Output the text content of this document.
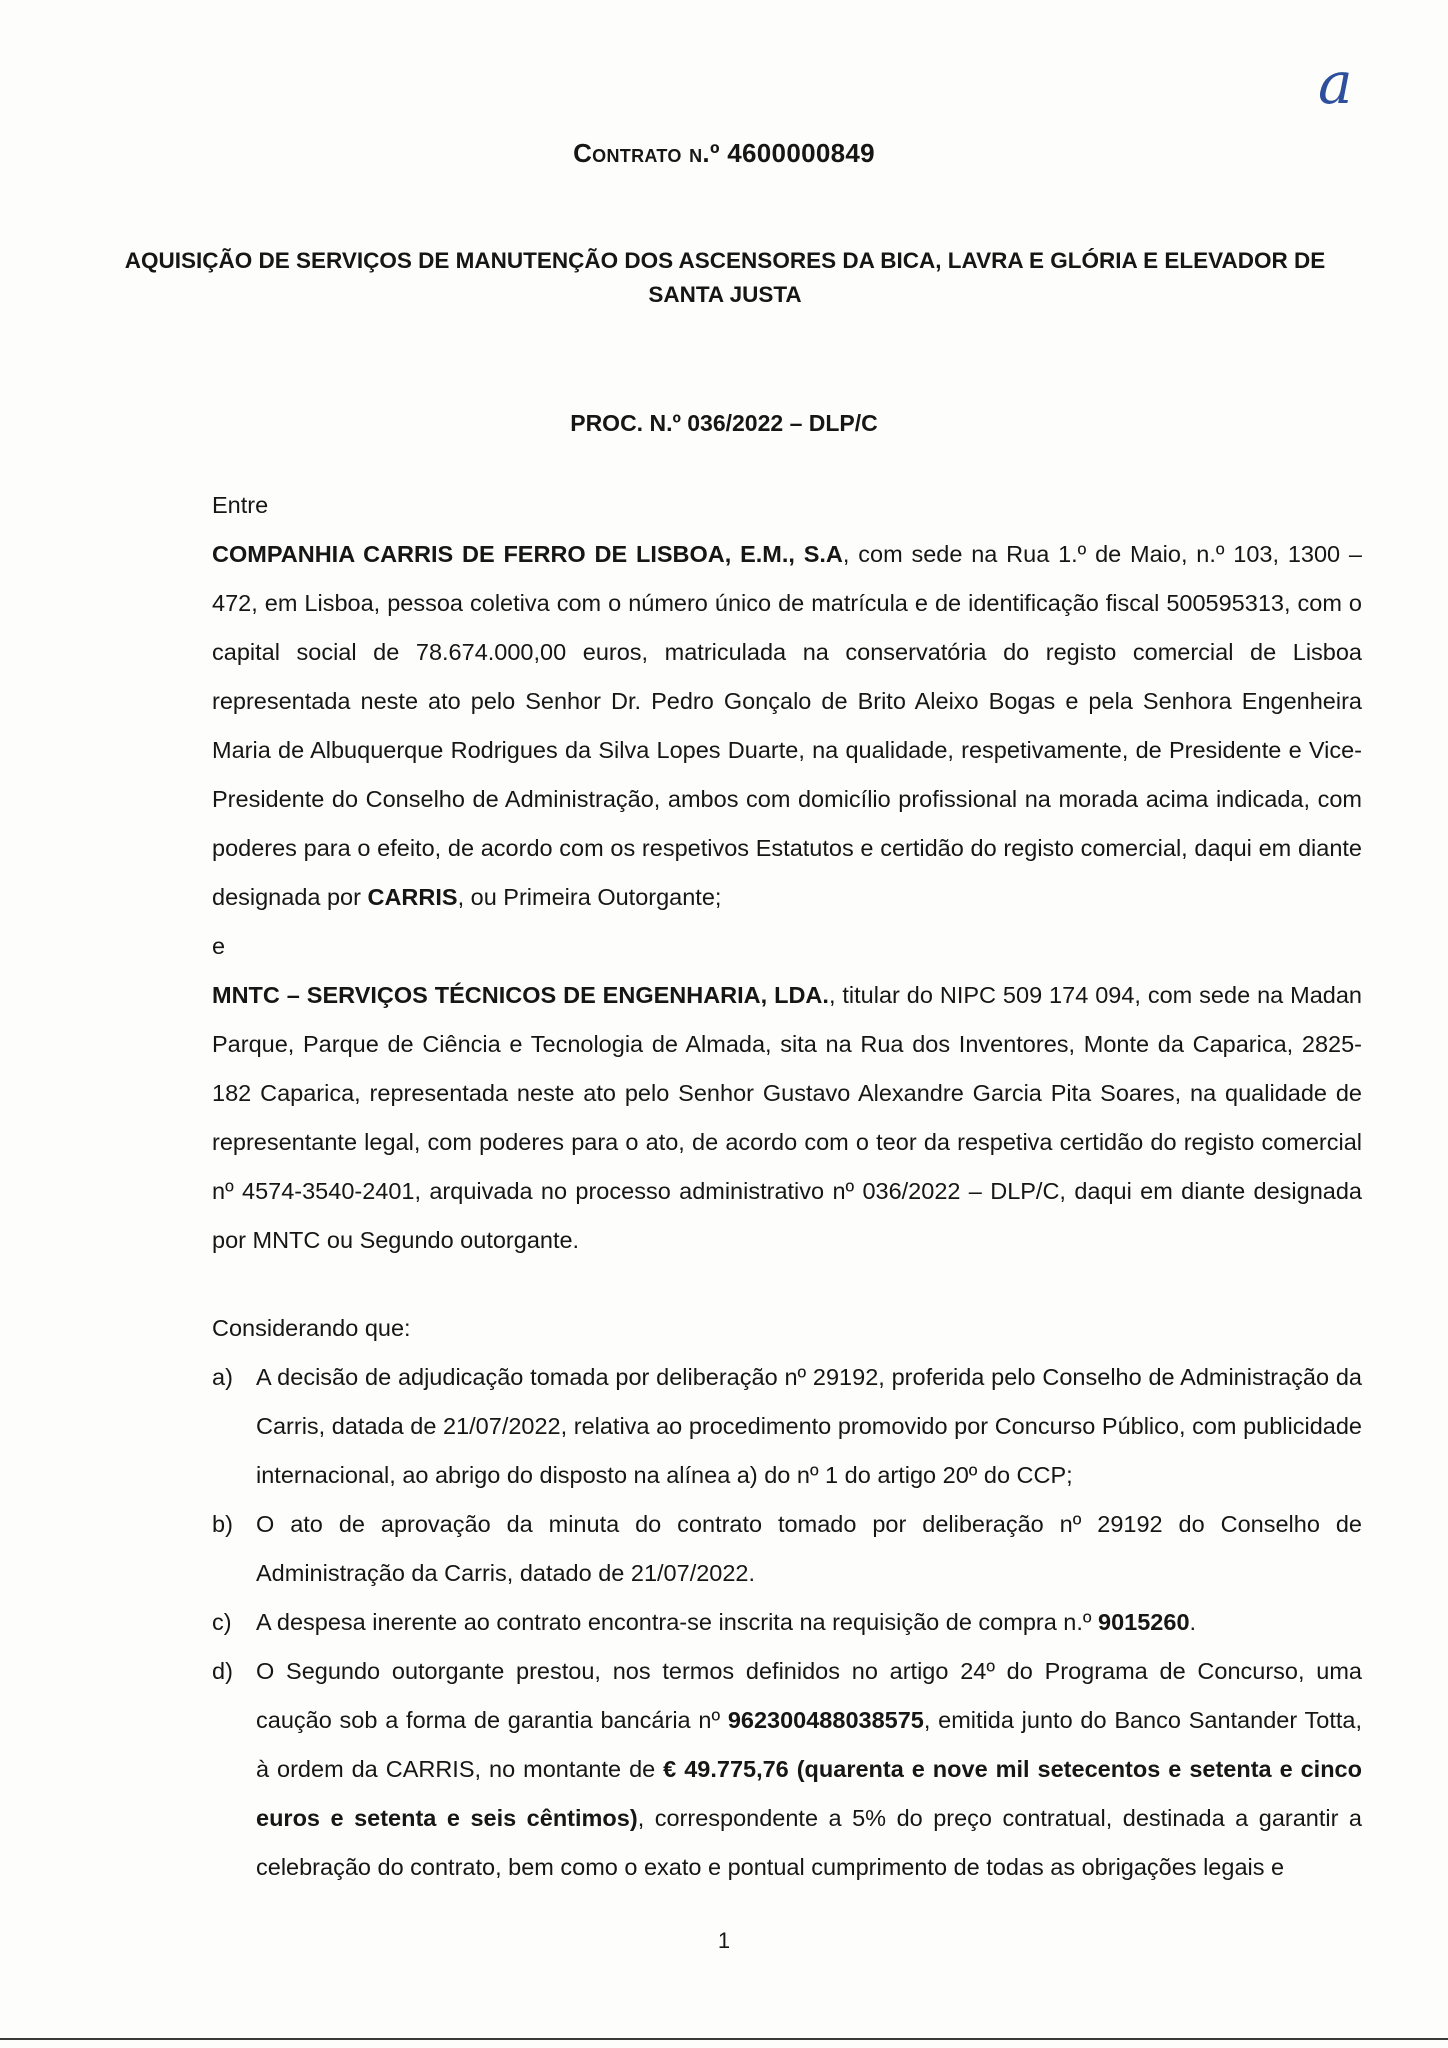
a
Contrato n.º 4600000849
AQUISIÇÃO DE SERVIÇOS DE MANUTENÇÃO DOS ASCENSORES DA BICA, LAVRA E GLÓRIA E ELEVADOR DE SANTA JUSTA
PROC. N.º 036/2022 – DLP/C

Entre

COMPANHIA CARRIS DE FERRO DE LISBOA, E.M., S.A, com sede na Rua 1.º de Maio, n.º 103, 1300 – 472, em Lisboa, pessoa coletiva com o número único de matrícula e de identificação fiscal 500595313, com o capital social de 78.674.000,00 euros, matriculada na conservatória do registo comercial de Lisboa representada neste ato pelo Senhor Dr. Pedro Gonçalo de Brito Aleixo Bogas e pela Senhora Engenheira Maria de Albuquerque Rodrigues da Silva Lopes Duarte, na qualidade, respetivamente, de Presidente e Vice-Presidente do Conselho de Administração, ambos com domicílio profissional na morada acima indicada, com poderes para o efeito, de acordo com os respetivos Estatutos e certidão do registo comercial, daqui em diante designada por CARRIS, ou Primeira Outorgante;

e

MNTC – SERVIÇOS TÉCNICOS DE ENGENHARIA, LDA., titular do NIPC 509 174 094, com sede na Madan Parque, Parque de Ciência e Tecnologia de Almada, sita na Rua dos Inventores, Monte da Caparica, 2825-182 Caparica, representada neste ato pelo Senhor Gustavo Alexandre Garcia Pita Soares, na qualidade de representante legal, com poderes para o ato, de acordo com o teor da respetiva certidão do registo comercial nº 4574-3540-2401, arquivada no processo administrativo nº 036/2022 – DLP/C, daqui em diante designada por MNTC ou Segundo outorgante.

Considerando que:

a) A decisão de adjudicação tomada por deliberação nº 29192, proferida pelo Conselho de Administração da Carris, datada de 21/07/2022, relativa ao procedimento promovido por Concurso Público, com publicidade internacional, ao abrigo do disposto na alínea a) do nº 1 do artigo 20º do CCP;
b) O ato de aprovação da minuta do contrato tomado por deliberação nº 29192 do Conselho de Administração da Carris, datado de 21/07/2022.
c) A despesa inerente ao contrato encontra-se inscrita na requisição de compra n.º 9015260.
d) O Segundo outorgante prestou, nos termos definidos no artigo 24º do Programa de Concurso, uma caução sob a forma de garantia bancária nº 962300488038575, emitida junto do Banco Santander Totta, à ordem da CARRIS, no montante de € 49.775,76 (quarenta e nove mil setecentos e setenta e cinco euros e setenta e seis cêntimos), correspondente a 5% do preço contratual, destinada a garantir a celebração do contrato, bem como o exato e pontual cumprimento de todas as obrigações legais e
1
